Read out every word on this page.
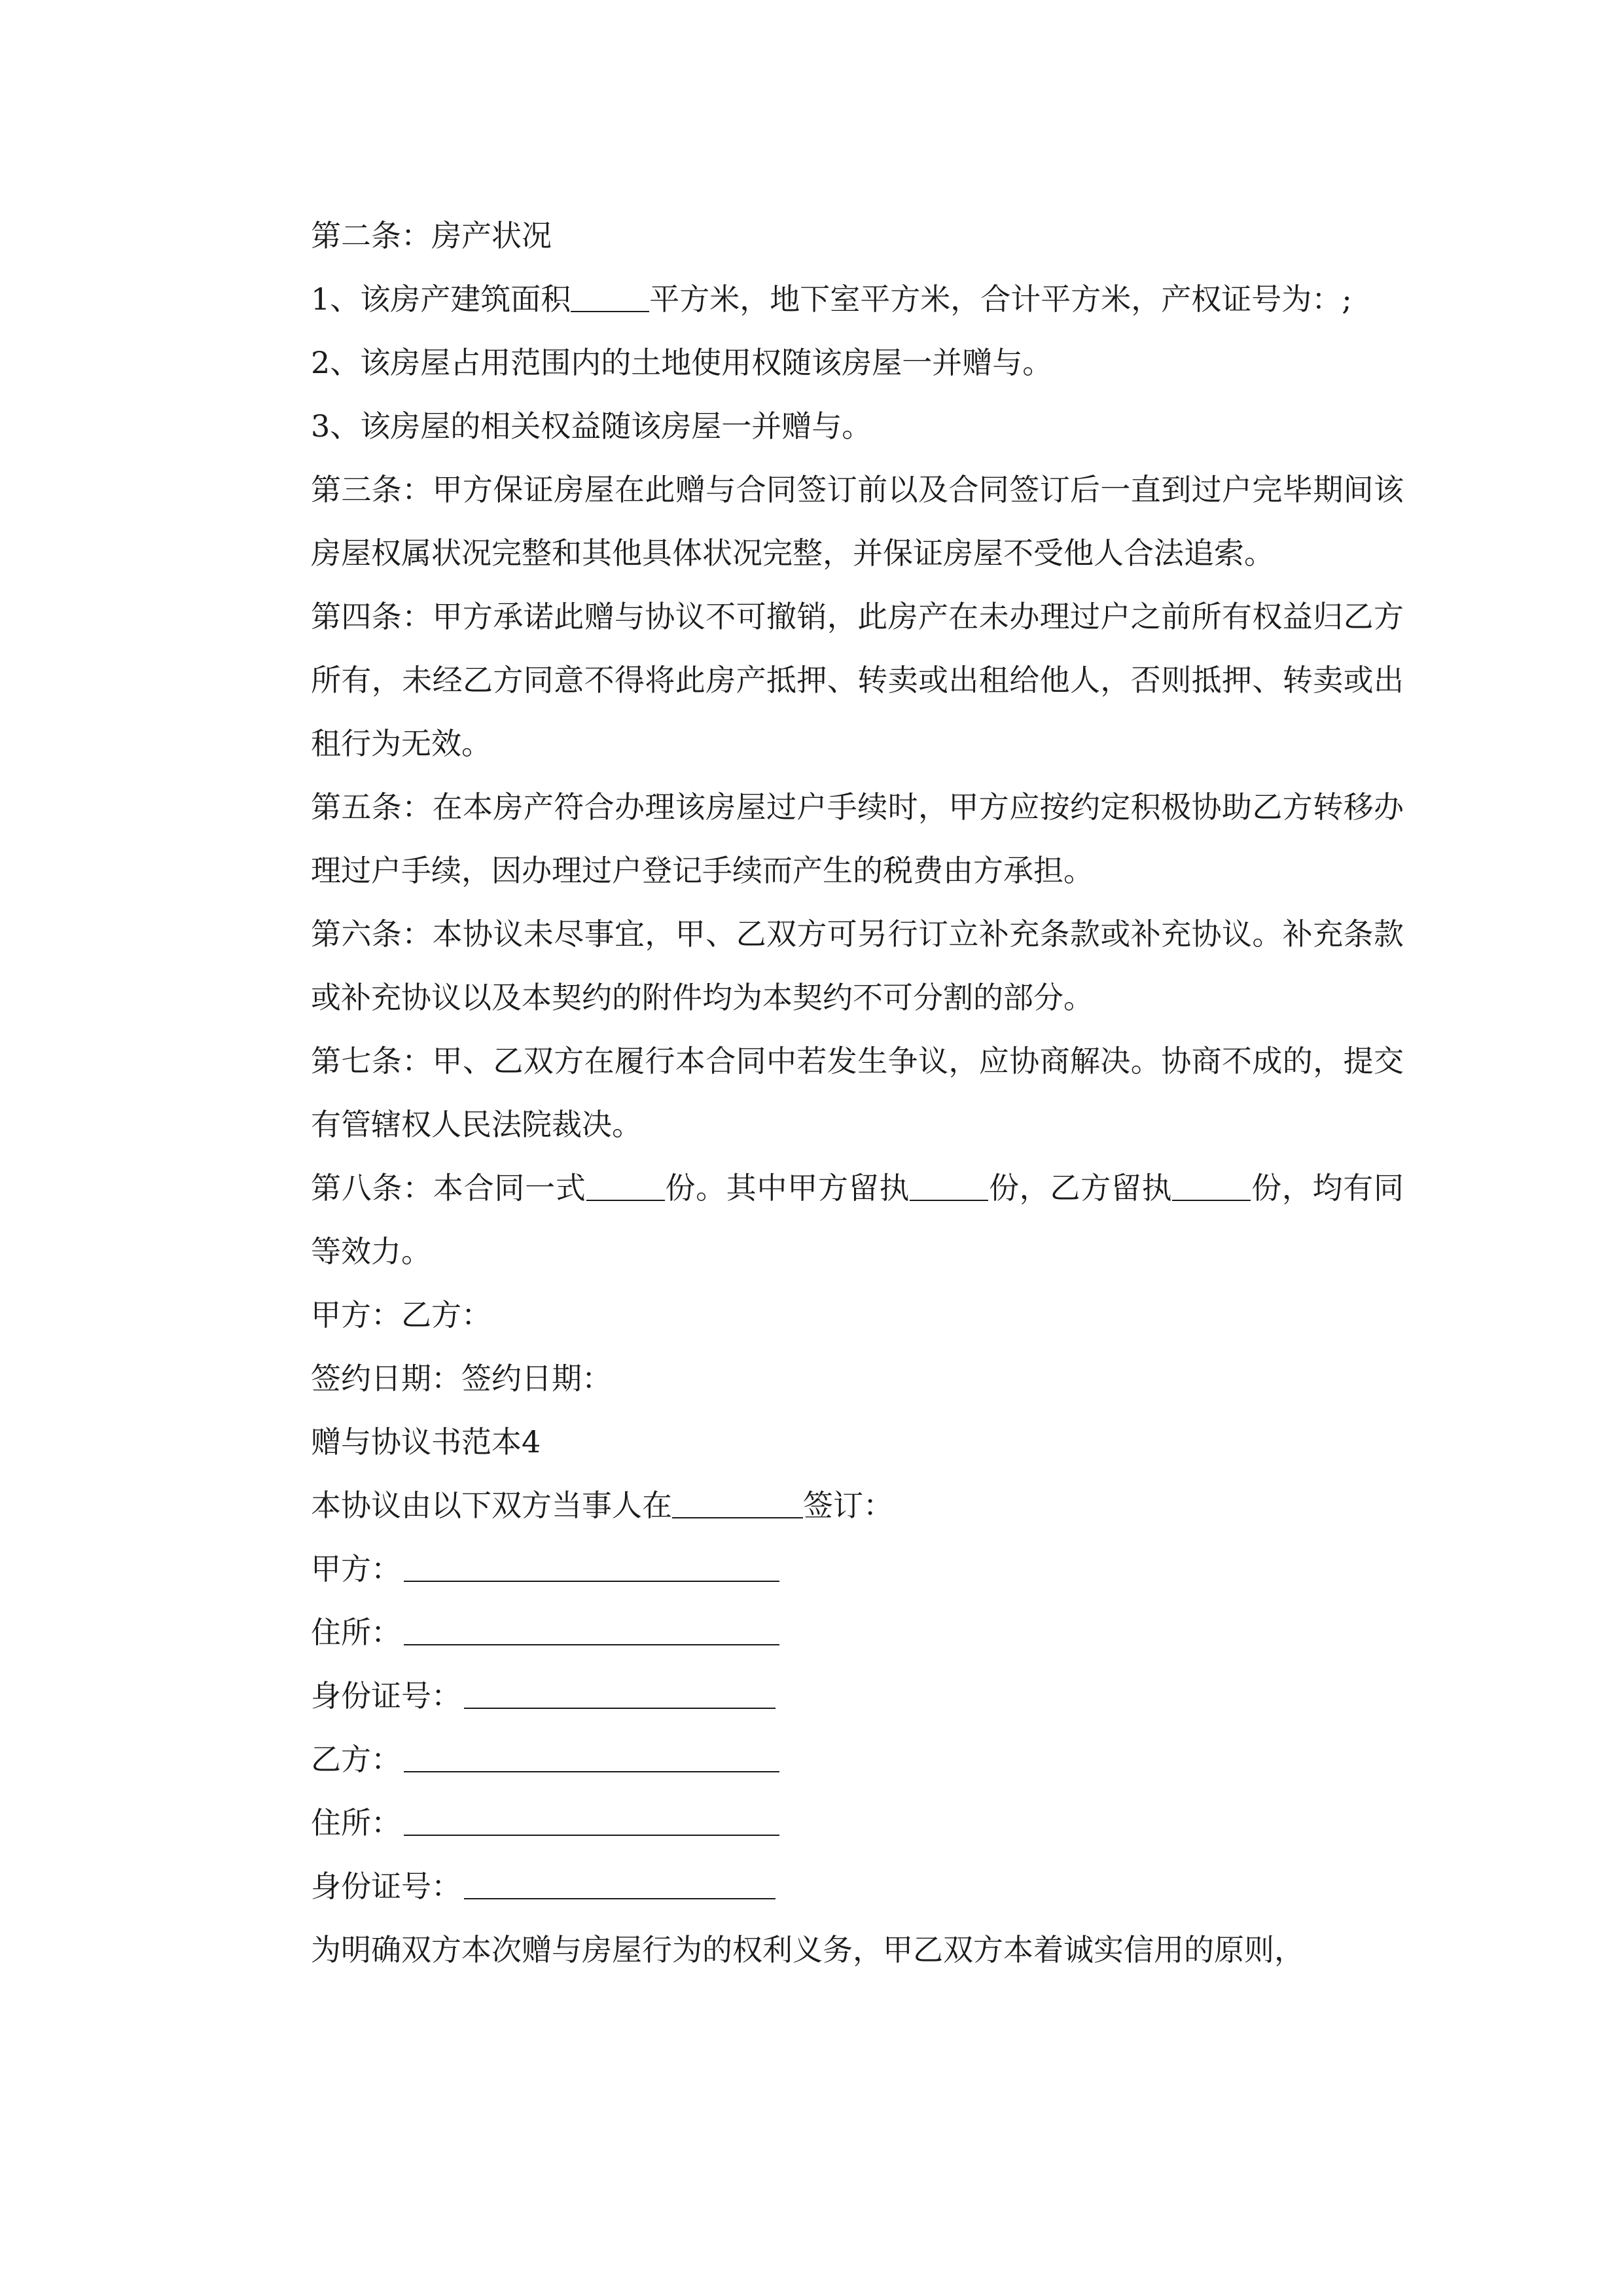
第二条：房产状况

1、该房产建筑面积	平方米，地下室平方米，合计平方米，产权证号为：;

2、该房屋占用范围内的土地使用权随该房屋一并赠与。

3、该房屋的相关权益随该房屋一并赠与。

第三条：甲方保证房屋在此赠与合同签订前以及合同签订后一直到过户完毕期间该房屋权属状况完整和其他具体状况完整，并保证房屋不受他人合法追索。

第四条：甲方承诺此赠与协议不可撤销，此房产在未办理过户之前所有权益归乙方所有，未经乙方同意不得将此房产抵押、转卖或出租给他人，否则抵押、转卖或出租行为无效。

第五条：在本房产符合办理该房屋过户手续时，甲方应按约定积极协助乙方转移办理过户手续，因办理过户登记手续而产生的税费由方承担。

第六条：本协议未尽事宜，甲、乙双方可另行订立补充条款或补充协议。补充条款或补充协议以及本契约的附件均为本契约不可分割的部分。

第七条：甲、乙双方在履行本合同中若发生争议，应协商解决。协商不成的，提交有管辖权人民法院裁决。

第八条：本合同一式	份。其中甲方留执	份，乙方留执	份，均有同等效力。

甲方：乙方：

签约日期：签约日期：

赠与协议书范本4

本协议由以下双方当事人在	签订：

甲方：

住所：

身份证号：

乙方：

住所：

身份证号：

为明确双方本次赠与房屋行为的权利义务，甲乙双方本着诚实信用的原则，
